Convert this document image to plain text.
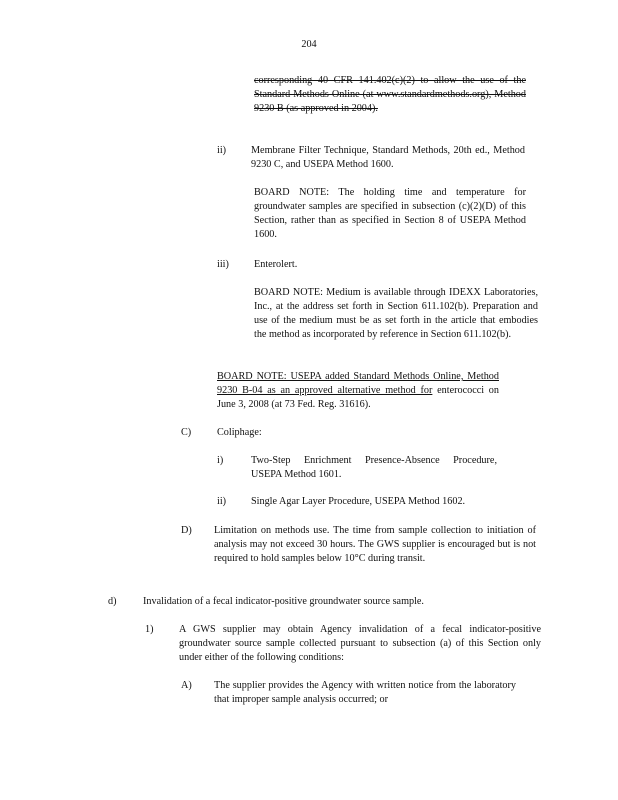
204
corresponding 40 CFR 141.402(c)(2) to allow the use of the Standard Methods Online (at www.standardmethods.org), Method 9230 B (as approved in 2004).
ii) Membrane Filter Technique, Standard Methods, 20th ed., Method 9230 C, and USEPA Method 1600.
BOARD NOTE: The holding time and temperature for groundwater samples are specified in subsection (c)(2)(D) of this Section, rather than as specified in Section 8 of USEPA Method 1600.
iii) Enterolert.
BOARD NOTE: Medium is available through IDEXX Laboratories, Inc., at the address set forth in Section 611.102(b). Preparation and use of the medium must be as set forth in the article that embodies the method as incorporated by reference in Section 611.102(b).
BOARD NOTE: USEPA added Standard Methods Online, Method 9230 B-04 as an approved alternative method for enterococci on June 3, 2008 (at 73 Fed. Reg. 31616).
C)	Coliphage:
i)	Two-Step Enrichment Presence-Absence Procedure, USEPA Method 1601.
ii) Single Agar Layer Procedure, USEPA Method 1602.
D) Limitation on methods use. The time from sample collection to initiation of analysis may not exceed 30 hours. The GWS supplier is encouraged but is not required to hold samples below 10°C during transit.
d)	Invalidation of a fecal indicator-positive groundwater source sample.
1)	A GWS supplier may obtain Agency invalidation of a fecal indicator-positive groundwater source sample collected pursuant to subsection (a) of this Section only under either of the following conditions:
A) The supplier provides the Agency with written notice from the laboratory that improper sample analysis occurred; or
